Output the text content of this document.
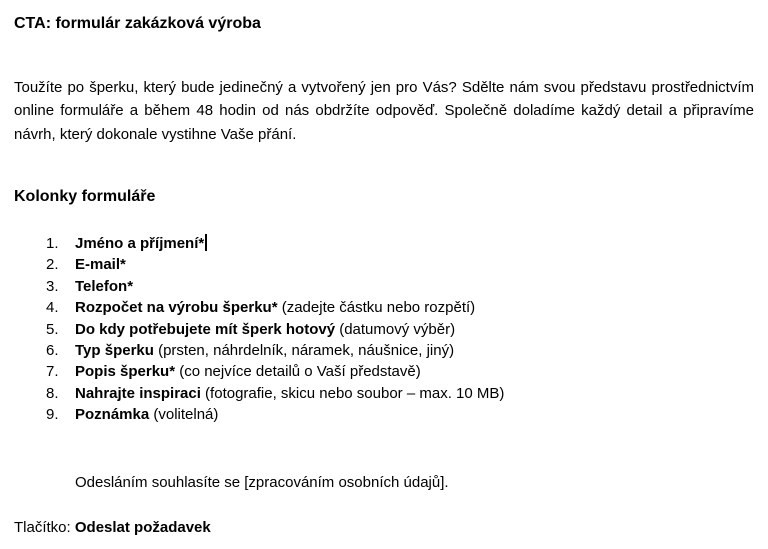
CTA: formulár zakázková výroba

Toužíte po šperku, který bude jedinečný a vytvořený jen pro Vás? Sdělte nám svou představu prostřednictvím online formuláře a během 48 hodin od nás obdržíte odpověď. Společně doladíme každý detail a připravíme návrh, který dokonale vystihne Vaše přání.

Kolonky formuláře
1.	Jméno a příjmení*
2.	E-mail*
3.	Telefon*
4.	Rozpočet na výrobu šperku* (zadejte částku nebo rozpětí)
5.	Do kdy potřebujete mít šperk hotový (datumový výběr)
6.	Typ šperku (prsten, náhrdelník, náramek, náušnice, jiný)
7.	Popis šperku* (co nejvíce detailů o Vaší představě)
8.	Nahrajte inspiraci (fotografie, skicu nebo soubor – max. 10 MB)
9.	Poznámka (volitelná)
Odesláním souhlasíte se [zpracováním osobních údajů].
Tlačítko: Odeslat požadavek
